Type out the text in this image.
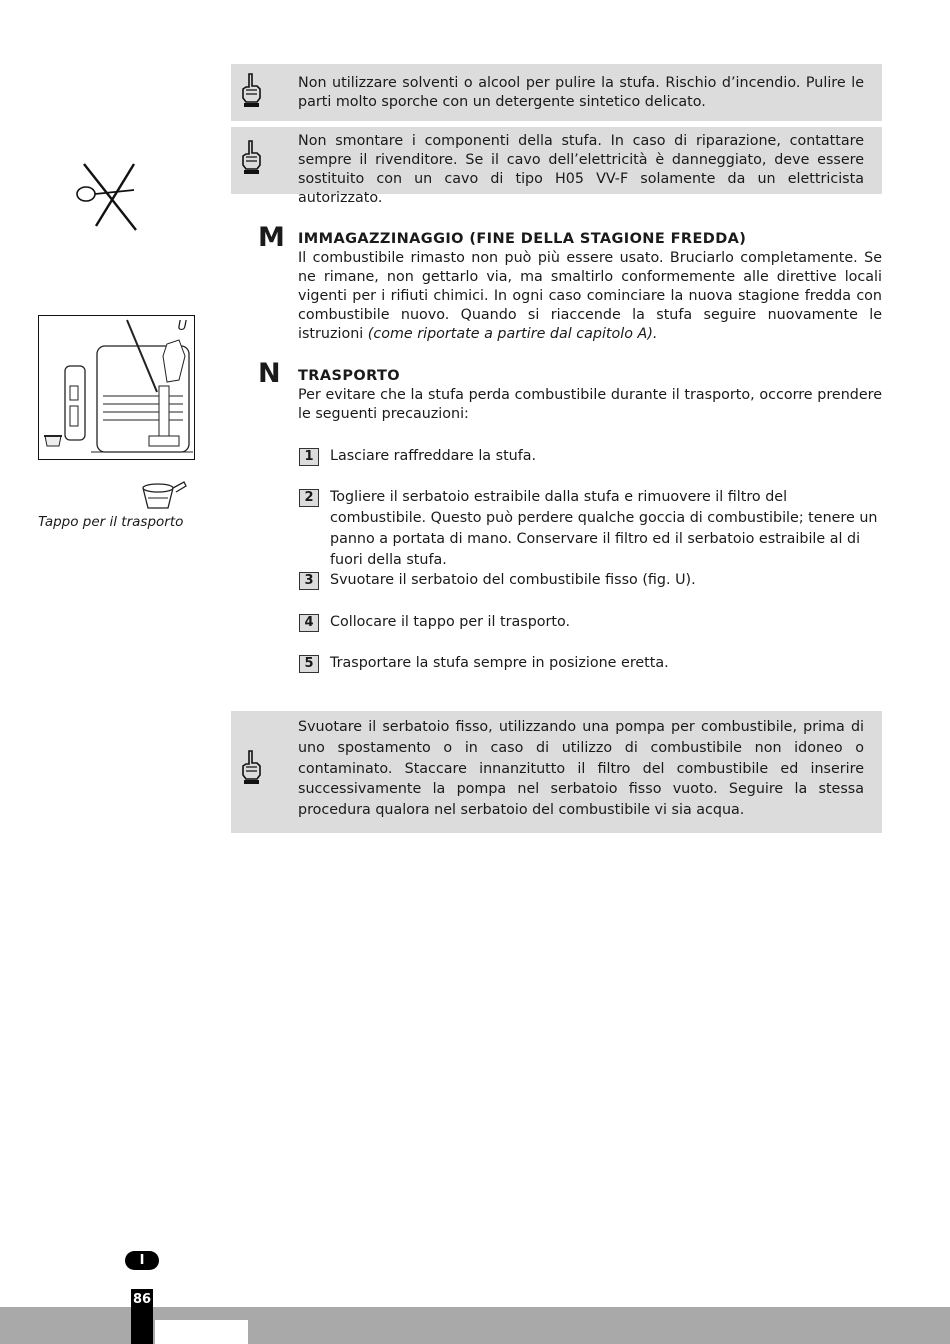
Non utilizzare solventi o alcool per pulire la stufa. Rischio d’incendio. Pulire le parti molto sporche con un detergente sintetico delicato.

Non smontare i componenti della stufa. In caso di riparazione, contattare sempre il rivenditore. Se il cavo dell’elettricità è danneggiato, deve essere sostituito con un cavo di tipo H05 VV-F solamente da un elettricista autorizzato.

M IMMAGAZZINAGGIO (FINE DELLA STAGIONE FREDDA)

Il combustibile rimasto non può più essere usato. Bruciarlo completamente. Se ne rimane, non gettarlo via, ma smaltirlo conformemente alle direttive locali vigenti per i rifiuti chimici. In ogni caso cominciare la nuova stagione fredda con combustibile nuovo. Quando si riaccende la stufa seguire nuovamente le istruzioni (come riportate a partire dal capitolo A).

U
Tappo per il trasporto
N TRASPORTO

Per evitare che la stufa perda combustibile durante il trasporto, occorre prendere le seguenti precauzioni:

1	Lasciare raffreddare la stufa.

2	Togliere il serbatoio estraibile dalla stufa e rimuovere il filtro del combustibile. Questo può perdere qualche goccia di combustibile; tenere un panno a portata di mano. Conservare il filtro ed il serbatoio estraibile al di fuori della stufa.

3	Svuotare il serbatoio del combustibile fisso (fig. U).

4	Collocare il tappo per il trasporto.

5	Trasportare la stufa sempre in posizione eretta.

Svuotare il serbatoio fisso, utilizzando una pompa per combustibile, prima di uno spostamento o in caso di utilizzo di combustibile non idoneo o contaminato. Staccare innanzitutto il filtro del combustibile ed inserire successivamente la pompa nel serbatoio fisso vuoto. Seguire la stessa procedura qualora nel serbatoio del combustibile vi sia acqua.

I
86
